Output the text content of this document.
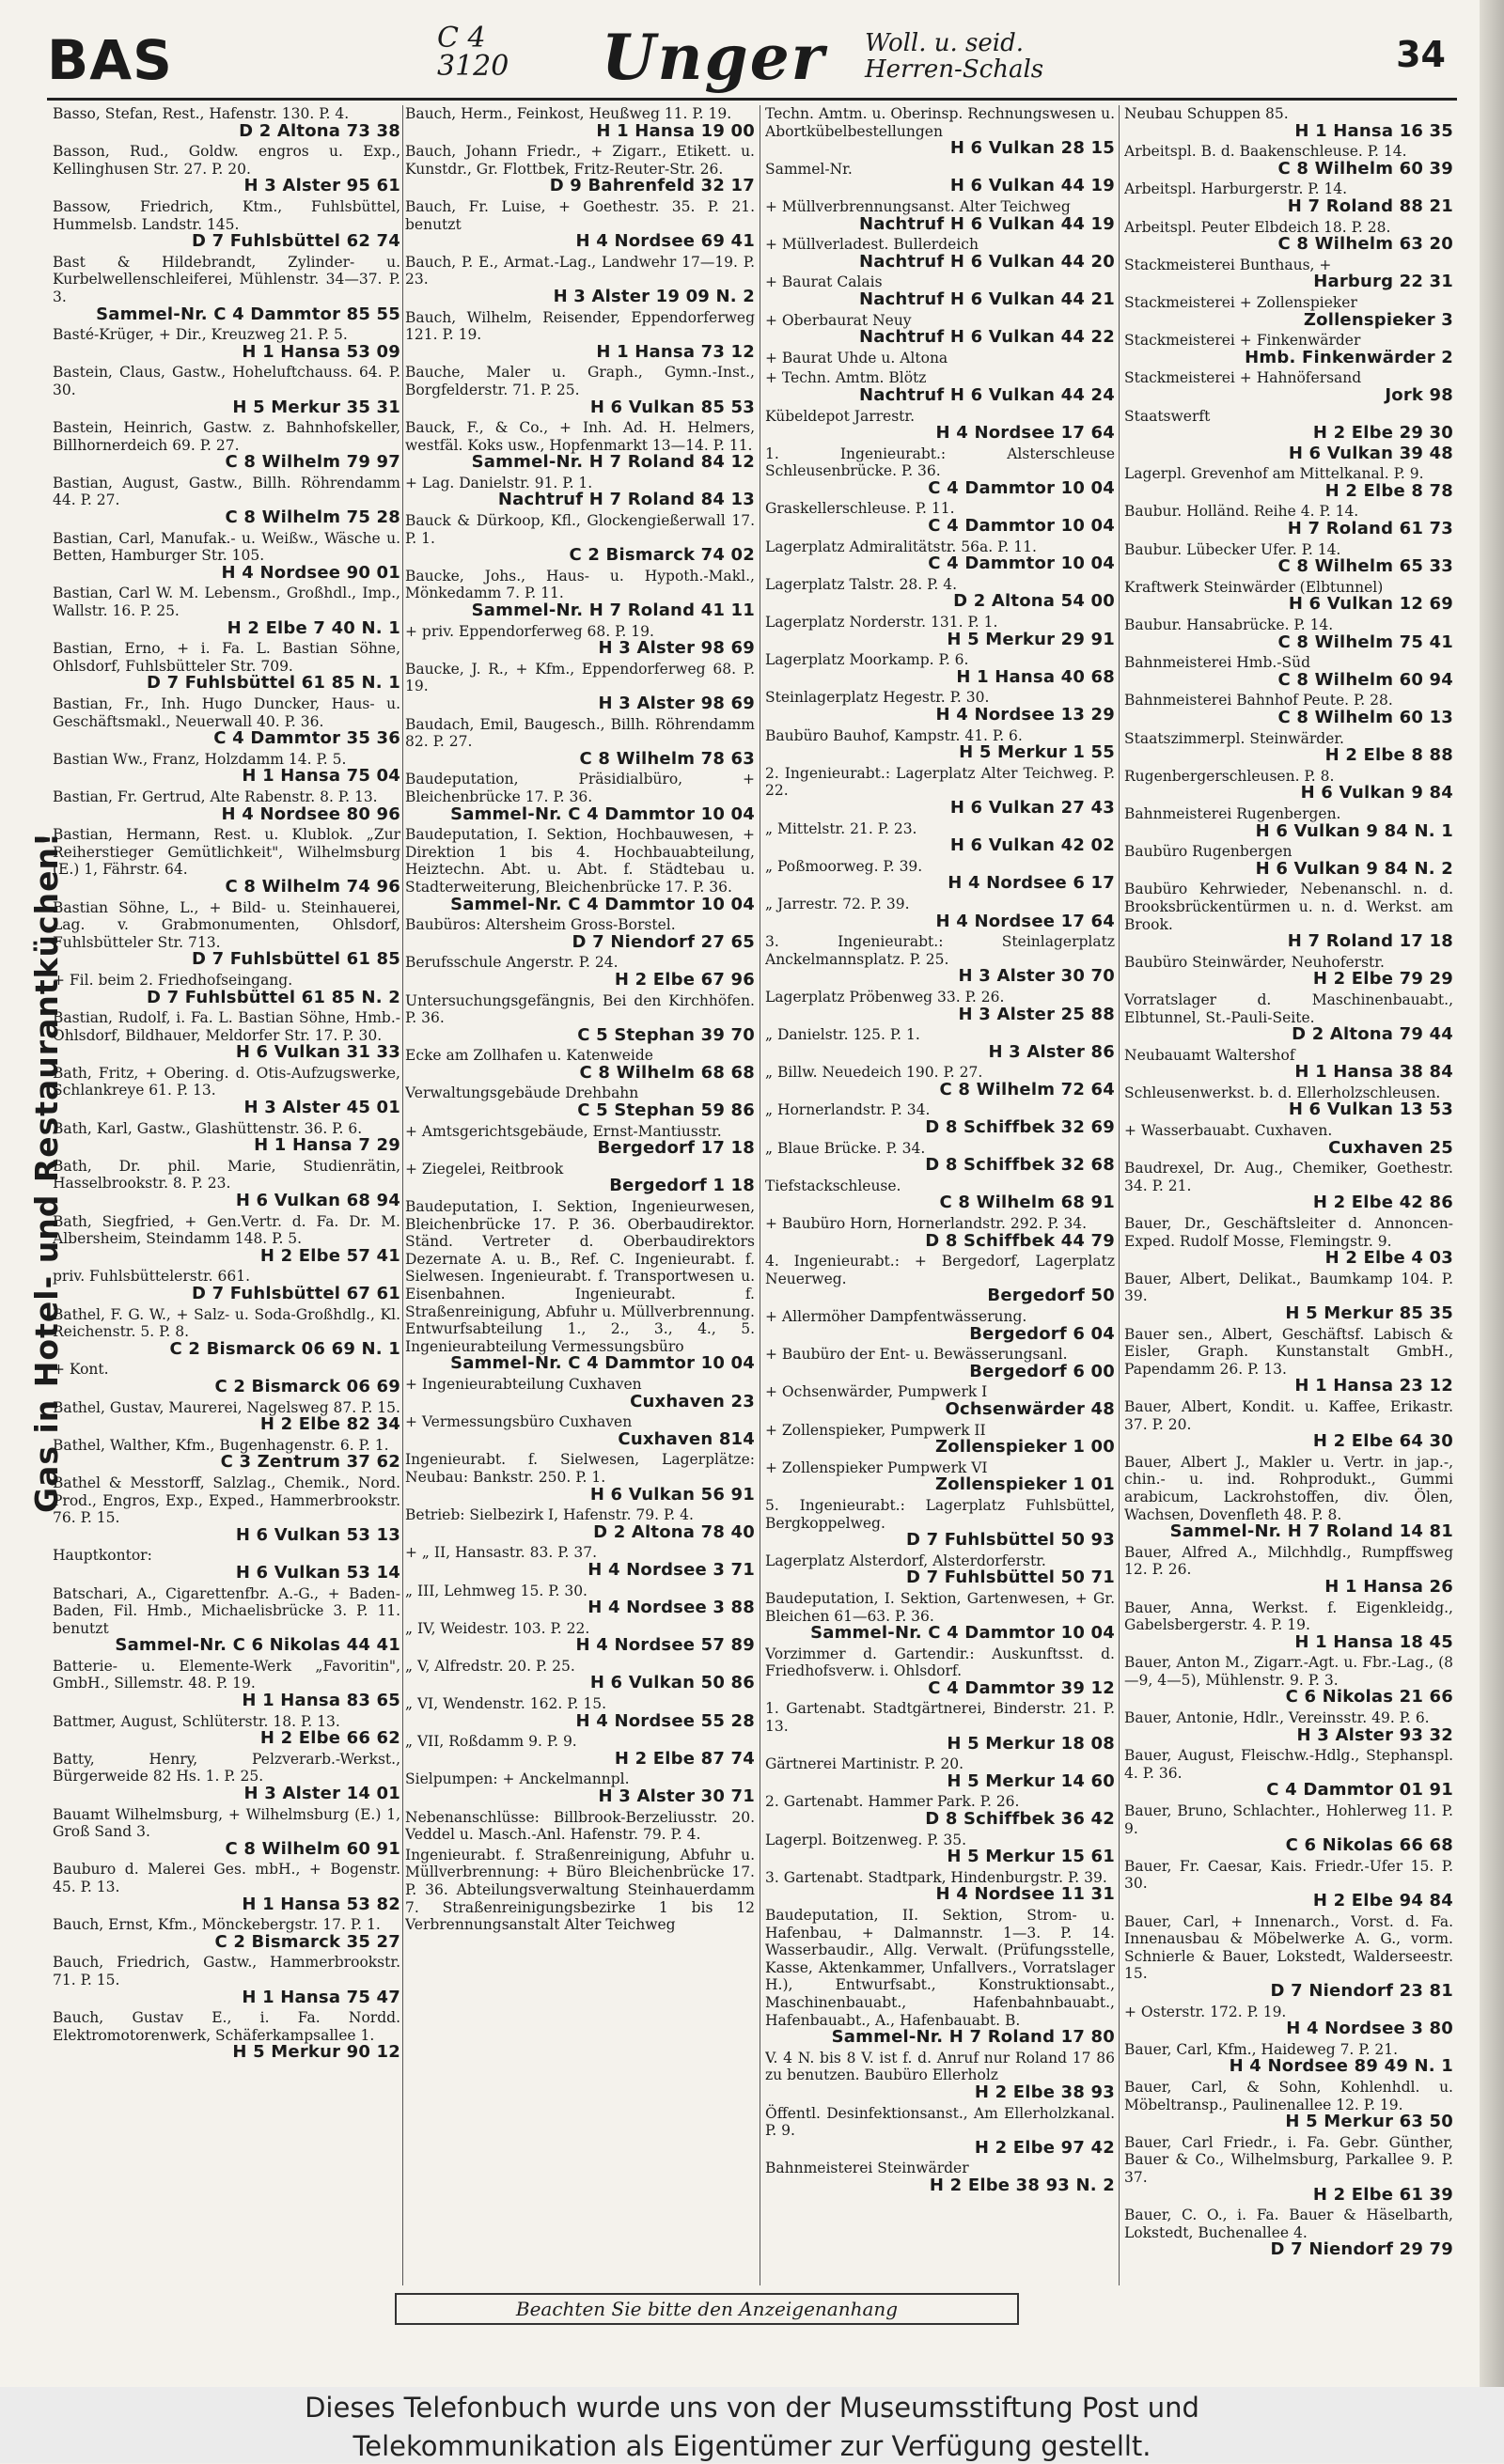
BAS	C 4
3120 Unger Woll. u. seid.
Herren-Schals	34
Gas in Hotel- und Restaurantküchen!
Basso, Stefan, Rest., Hafenstr. 130. P. 4.
D 2 Altona 73 38
Basson, Rud., Goldw. engros u. Exp., Kellinghusen Str. 27. P. 20.
H 3 Alster 95 61
Bassow, Friedrich, Ktm., Fuhlsbüttel, Hummelsb. Landstr. 145.
D 7 Fuhlsbüttel 62 74
Bast & Hildebrandt, Zylinder- u. Kurbelwellenschleiferei, Mühlenstr. 34—37. P. 3.
Sammel-Nr. C 4 Dammtor 85 55
Basté-Krüger, + Dir., Kreuzweg 21. P. 5.
H 1 Hansa 53 09
Bastein, Claus, Gastw., Hoheluftchauss. 64. P. 30.
H 5 Merkur 35 31
Bastein, Heinrich, Gastw. z. Bahnhofskeller, Billhornerdeich 69. P. 27.
C 8 Wilhelm 79 97
Bastian, August, Gastw., Billh. Röhrendamm 44. P. 27.
C 8 Wilhelm 75 28
Bastian, Carl, Manufak.- u. Weißw., Wäsche u. Betten, Hamburger Str. 105.
H 4 Nordsee 90 01
Bastian, Carl W. M. Lebensm., Großhdl., Imp., Wallstr. 16. P. 25.
H 2 Elbe 7 40 N. 1
Bastian, Erno, + i. Fa. L. Bastian Söhne, Ohlsdorf, Fuhlsbütteler Str. 709.
D 7 Fuhlsbüttel 61 85 N. 1
Bastian, Fr., Inh. Hugo Duncker, Haus- u. Geschäftsmakl., Neuerwall 40. P. 36.
C 4 Dammtor 35 36
Bastian Ww., Franz, Holzdamm 14. P. 5.
H 1 Hansa 75 04
Bastian, Fr. Gertrud, Alte Rabenstr. 8. P. 13.
H 4 Nordsee 80 96
Bastian, Hermann, Rest. u. Klublok. „Zur Reiherstieger Gemütlichkeit", Wilhelmsburg (E.) 1, Fährstr. 64.
C 8 Wilhelm 74 96
Bastian Söhne, L., + Bild- u. Steinhauerei, Lag. v. Grabmonumenten, Ohlsdorf, Fuhlsbütteler Str. 713.
D 7 Fuhlsbüttel 61 85
+ Fil. beim 2. Friedhofseingang.
D 7 Fuhlsbüttel 61 85 N. 2
Bastian, Rudolf, i. Fa. L. Bastian Söhne, Hmb.-Ohlsdorf, Bildhauer, Meldorfer Str. 17. P. 30.
H 6 Vulkan 31 33
Bath, Fritz, + Obering. d. Otis-Aufzugswerke, Schlankreye 61. P. 13.
H 3 Alster 45 01
Bath, Karl, Gastw., Glashüttenstr. 36. P. 6.
H 1 Hansa 7 29
Bath, Dr. phil. Marie, Studienrätin, Hasselbrookstr. 8. P. 23.
H 6 Vulkan 68 94
Bath, Siegfried, + Gen.Vertr. d. Fa. Dr. M. Albersheim, Steindamm 148. P. 5.
H 2 Elbe 57 41
priv. Fuhlsbüttelerstr. 661.
D 7 Fuhlsbüttel 67 61
Bathel, F. G. W., + Salz- u. Soda-Großhdlg., Kl. Reichenstr. 5. P. 8.
C 2 Bismarck 06 69 N. 1
+ Kont.
C 2 Bismarck 06 69
Bathel, Gustav, Maurerei, Nagelsweg 87. P. 15.
H 2 Elbe 82 34
Bathel, Walther, Kfm., Bugenhagenstr. 6. P. 1.
C 3 Zentrum 37 62
Bathel & Messtorff, Salzlag., Chemik., Nord. Prod., Engros, Exp., Exped., Hammerbrookstr. 76. P. 15.
H 6 Vulkan 53 13
Hauptkontor:
H 6 Vulkan 53 14
Batschari, A., Cigarettenfbr. A.-G., + Baden-Baden, Fil. Hmb., Michaelisbrücke 3. P. 11. benutzt
Sammel-Nr. C 6 Nikolas 44 41
Batterie- u. Elemente-Werk „Favoritin", GmbH., Sillemstr. 48. P. 19.
H 1 Hansa 83 65
Battmer, August, Schlüterstr. 18. P. 13.
H 2 Elbe 66 62
Batty, Henry, Pelzverarb.-Werkst., Bürgerweide 82 Hs. 1. P. 25.
H 3 Alster 14 01
Bauamt Wilhelmsburg, + Wilhelmsburg (E.) 1, Groß Sand 3.
C 8 Wilhelm 60 91
Bauburo d. Malerei Ges. mbH., + Bogenstr. 45. P. 13.
H 1 Hansa 53 82
Bauch, Ernst, Kfm., Mönckebergstr. 17. P. 1.
C 2 Bismarck 35 27
Bauch, Friedrich, Gastw., Hammerbrookstr. 71. P. 15.
H 1 Hansa 75 47
Bauch, Gustav E., i. Fa. Nordd. Elektromotorenwerk, Schäferkampsallee 1.
H 5 Merkur 90 12
Bauch, Herm., Feinkost, Heußweg 11. P. 19.
H 1 Hansa 19 00
Bauch, Johann Friedr., + Zigarr., Etikett. u. Kunstdr., Gr. Flottbek, Fritz-Reuter-Str. 26.
D 9 Bahrenfeld 32 17
Bauch, Fr. Luise, + Goethestr. 35. P. 21. benutzt
H 4 Nordsee 69 41
Bauch, P. E., Armat.-Lag., Landwehr 17—19. P. 23.
H 3 Alster 19 09 N. 2
Bauch, Wilhelm, Reisender, Eppendorferweg 121. P. 19.
H 1 Hansa 73 12
Bauche, Maler u. Graph., Gymn.-Inst., Borgfelderstr. 71. P. 25.
H 6 Vulkan 85 53
Bauck, F., & Co., + Inh. Ad. H. Helmers, westfäl. Koks usw., Hopfenmarkt 13—14. P. 11.
Sammel-Nr. H 7 Roland 84 12
+ Lag. Danielstr. 91. P. 1.
Nachtruf H 7 Roland 84 13
Bauck & Dürkoop, Kfl., Glockengießerwall 17. P. 1.
C 2 Bismarck 74 02
Baucke, Johs., Haus- u. Hypoth.-Makl., Mönkedamm 7. P. 11.
Sammel-Nr. H 7 Roland 41 11
+ priv. Eppendorferweg 68. P. 19.
H 3 Alster 98 69
Baucke, J. R., + Kfm., Eppendorferweg 68. P. 19.
H 3 Alster 98 69
Baudach, Emil, Baugesch., Billh. Röhrendamm 82. P. 27.
C 8 Wilhelm 78 63
Baudeputation, Präsidialbüro, + Bleichenbrücke 17. P. 36.
Sammel-Nr. C 4 Dammtor 10 04
Baudeputation, I. Sektion, Hochbauwesen, + Direktion 1 bis 4. Hochbauabteilung, Heiztechn. Abt. u. Abt. f. Städtebau u. Stadterweiterung, Bleichenbrücke 17. P. 36.
Sammel-Nr. C 4 Dammtor 10 04
Baubüros: Altersheim Gross-Borstel.
D 7 Niendorf 27 65
Berufsschule Angerstr. P. 24.
H 2 Elbe 67 96
Untersuchungsgefängnis, Bei den Kirchhöfen. P. 36.
C 5 Stephan 39 70
Ecke am Zollhafen u. Katenweide
C 8 Wilhelm 68 68
Verwaltungsgebäude Drehbahn
C 5 Stephan 59 86
+ Amtsgerichtsgebäude, Ernst-Mantiusstr.
Bergedorf 17 18
+ Ziegelei, Reitbrook
Bergedorf 1 18
Baudeputation, I. Sektion, Ingenieurwesen, Bleichenbrücke 17. P. 36. Oberbaudirektor. Ständ. Vertreter d. Oberbaudirektors Dezernate A. u. B., Ref. C. Ingenieurabt. f. Sielwesen. Ingenieurabt. f. Transportwesen u. Eisenbahnen. Ingenieurabt. f. Straßenreinigung, Abfuhr u. Müllverbrennung. Entwurfsabteilung 1., 2., 3., 4., 5. Ingenieurabteilung Vermessungsbüro
Sammel-Nr. C 4 Dammtor 10 04
+ Ingenieurabteilung Cuxhaven
Cuxhaven 23
+ Vermessungsbüro Cuxhaven
Cuxhaven 814
Ingenieurabt. f. Sielwesen, Lagerplätze: Neubau: Bankstr. 250. P. 1.
H 6 Vulkan 56 91
Betrieb: Sielbezirk I, Hafenstr. 79. P. 4.
D 2 Altona 78 40
+ „ II, Hansastr. 83. P. 37.
H 4 Nordsee 3 71
„ III, Lehmweg 15. P. 30.
H 4 Nordsee 3 88
„ IV, Weidestr. 103. P. 22.
H 4 Nordsee 57 89
„ V, Alfredstr. 20. P. 25.
H 6 Vulkan 50 86
„ VI, Wendenstr. 162. P. 15.
H 4 Nordsee 55 28
„ VII, Roßdamm 9. P. 9.
H 2 Elbe 87 74
Sielpumpen: + Anckelmannpl.
H 3 Alster 30 71
Nebenanschlüsse: Billbrook-Berzeliusstr. 20. Veddel u. Masch.-Anl. Hafenstr. 79. P. 4.
Ingenieurabt. f. Straßenreinigung, Abfuhr u. Müllverbrennung: + Büro Bleichenbrücke 17. P. 36. Abteilungsverwaltung Steinhauerdamm 7. Straßenreinigungsbezirke 1 bis 12 Verbrennungsanstalt Alter Teichweg
Techn. Amtm. u. Oberinsp. Rechnungswesen u. Abortkübelbestellungen
H 6 Vulkan 28 15
Sammel-Nr.
H 6 Vulkan 44 19
+ Müllverbrennungsanst. Alter Teichweg
Nachtruf H 6 Vulkan 44 19
+ Müllverladest. Bullerdeich
Nachtruf H 6 Vulkan 44 20
+ Baurat Calais
Nachtruf H 6 Vulkan 44 21
+ Oberbaurat Neuy
Nachtruf H 6 Vulkan 44 22
+ Baurat Uhde u. Altona
+ Techn. Amtm. Blötz
Nachtruf H 6 Vulkan 44 24
Kübeldepot Jarrestr.
H 4 Nordsee 17 64
1. Ingenieurabt.: Alsterschleuse Schleusenbrücke. P. 36.
C 4 Dammtor 10 04
Graskellerschleuse. P. 11.
C 4 Dammtor 10 04
Lagerplatz Admiralitätstr. 56a. P. 11.
C 4 Dammtor 10 04
Lagerplatz Talstr. 28. P. 4.
D 2 Altona 54 00
Lagerplatz Norderstr. 131. P. 1.
H 5 Merkur 29 91
Lagerplatz Moorkamp. P. 6.
H 1 Hansa 40 68
Steinlagerplatz Hegestr. P. 30.
H 4 Nordsee 13 29
Baubüro Bauhof, Kampstr. 41. P. 6.
H 5 Merkur 1 55
2. Ingenieurabt.: Lagerplatz Alter Teichweg. P. 22.
H 6 Vulkan 27 43
„ Mittelstr. 21. P. 23.
H 6 Vulkan 42 02
„ Poßmoorweg. P. 39.
H 4 Nordsee 6 17
„ Jarrestr. 72. P. 39.
H 4 Nordsee 17 64
3. Ingenieurabt.: Steinlagerplatz Anckelmannsplatz. P. 25.
H 3 Alster 30 70
Lagerplatz Pröbenweg 33. P. 26.
H 3 Alster 25 88
„ Danielstr. 125. P. 1.
H 3 Alster 86
„ Billw. Neuedeich 190. P. 27.
C 8 Wilhelm 72 64
„ Hornerlandstr. P. 34.
D 8 Schiffbek 32 69
„ Blaue Brücke. P. 34.
D 8 Schiffbek 32 68
Tiefstackschleuse.
C 8 Wilhelm 68 91
+ Baubüro Horn, Hornerlandstr. 292. P. 34.
D 8 Schiffbek 44 79
4. Ingenieurabt.: + Bergedorf, Lagerplatz Neuerweg.
Bergedorf 50
+ Allermöher Dampfentwässerung.
Bergedorf 6 04
+ Baubüro der Ent- u. Bewässerungsanl.
Bergedorf 6 00
+ Ochsenwärder, Pumpwerk I
Ochsenwärder 48
+ Zollenspieker, Pumpwerk II
Zollenspieker 1 00
+ Zollenspieker Pumpwerk VI
Zollenspieker 1 01
5. Ingenieurabt.: Lagerplatz Fuhlsbüttel, Bergkoppelweg.
D 7 Fuhlsbüttel 50 93
Lagerplatz Alsterdorf, Alsterdorferstr.
D 7 Fuhlsbüttel 50 71
Baudeputation, I. Sektion, Gartenwesen, + Gr. Bleichen 61—63. P. 36.
Sammel-Nr. C 4 Dammtor 10 04
Vorzimmer d. Gartendir.: Auskunftsst. d. Friedhofsverw. i. Ohlsdorf.
C 4 Dammtor 39 12
1. Gartenabt. Stadtgärtnerei, Binderstr. 21. P. 13.
H 5 Merkur 18 08
Gärtnerei Martinistr. P. 20.
H 5 Merkur 14 60
2. Gartenabt. Hammer Park. P. 26.
D 8 Schiffbek 36 42
Lagerpl. Boitzenweg. P. 35.
H 5 Merkur 15 61
3. Gartenabt. Stadtpark, Hindenburgstr. P. 39.
H 4 Nordsee 11 31
Baudeputation, II. Sektion, Strom- u. Hafenbau, + Dalmannstr. 1—3. P. 14. Wasserbaudir., Allg. Verwalt. (Prüfungsstelle, Kasse, Aktenkammer, Unfallvers., Vorratslager H.), Entwurfsabt., Konstruktionsabt., Maschinenbauabt., Hafenbahnbauabt., Hafenbauabt., A., Hafenbauabt. B.
Sammel-Nr. H 7 Roland 17 80
V. 4 N. bis 8 V. ist f. d. Anruf nur Roland 17 86 zu benutzen. Baubüro Ellerholz
H 2 Elbe 38 93
Öffentl. Desinfektionsanst., Am Ellerholzkanal. P. 9.
H 2 Elbe 97 42
Bahnmeisterei Steinwärder
H 2 Elbe 38 93 N. 2
Neubau Schuppen 85.
H 1 Hansa 16 35
Arbeitspl. B. d. Baakenschleuse. P. 14.
C 8 Wilhelm 60 39
Arbeitspl. Harburgerstr. P. 14.
H 7 Roland 88 21
Arbeitspl. Peuter Elbdeich 18. P. 28.
C 8 Wilhelm 63 20
Stackmeisterei Bunthaus, +
Harburg 22 31
Stackmeisterei + Zollenspieker
Zollenspieker 3
Stackmeisterei + Finkenwärder
Hmb. Finkenwärder 2
Stackmeisterei + Hahnöfersand
Jork 98
Staatswerft
H 2 Elbe 29 30
H 6 Vulkan 39 48
Lagerpl. Grevenhof am Mittelkanal. P. 9.
H 2 Elbe 8 78
Baubur. Holländ. Reihe 4. P. 14.
H 7 Roland 61 73
Baubur. Lübecker Ufer. P. 14.
C 8 Wilhelm 65 33
Kraftwerk Steinwärder (Elbtunnel)
H 6 Vulkan 12 69
Baubur. Hansabrücke. P. 14.
C 8 Wilhelm 75 41
Bahnmeisterei Hmb.-Süd
C 8 Wilhelm 60 94
Bahnmeisterei Bahnhof Peute. P. 28.
C 8 Wilhelm 60 13
Staatszimmerpl. Steinwärder.
H 2 Elbe 8 88
Rugenbergerschleusen. P. 8.
H 6 Vulkan 9 84
Bahnmeisterei Rugenbergen.
H 6 Vulkan 9 84 N. 1
Baubüro Rugenbergen
H 6 Vulkan 9 84 N. 2
Baubüro Kehrwieder, Nebenanschl. n. d. Brooksbrückentürmen u. n. d. Werkst. am Brook.
H 7 Roland 17 18
Baubüro Steinwärder, Neuhoferstr.
H 2 Elbe 79 29
Vorratslager d. Maschinenbauabt., Elbtunnel, St.-Pauli-Seite.
D 2 Altona 79 44
Neubauamt Waltershof
H 1 Hansa 38 84
Schleusenwerkst. b. d. Ellerholzschleusen.
H 6 Vulkan 13 53
+ Wasserbauabt. Cuxhaven.
Cuxhaven 25
Baudrexel, Dr. Aug., Chemiker, Goethestr. 34. P. 21.
H 2 Elbe 42 86
Bauer, Dr., Geschäftsleiter d. Annoncen-Exped. Rudolf Mosse, Flemingstr. 9.
H 2 Elbe 4 03
Bauer, Albert, Delikat., Baumkamp 104. P. 39.
H 5 Merkur 85 35
Bauer sen., Albert, Geschäftsf. Labisch & Eisler, Graph. Kunstanstalt GmbH., Papendamm 26. P. 13.
H 1 Hansa 23 12
Bauer, Albert, Kondit. u. Kaffee, Erikastr. 37. P. 20.
H 2 Elbe 64 30
Bauer, Albert J., Makler u. Vertr. in jap.-, chin.- u. ind. Rohprodukt., Gummi arabicum, Lackrohstoffen, div. Ölen, Wachsen, Dovenfleth 48. P. 8.
Sammel-Nr. H 7 Roland 14 81
Bauer, Alfred A., Milchhdlg., Rumpffsweg 12. P. 26.
H 1 Hansa 26
Bauer, Anna, Werkst. f. Eigenkleidg., Gabelsbergerstr. 4. P. 19.
H 1 Hansa 18 45
Bauer, Anton M., Zigarr.-Agt. u. Fbr.-Lag., (8—9, 4—5), Mühlenstr. 9. P. 3.
C 6 Nikolas 21 66
Bauer, Antonie, Hdlr., Vereinsstr. 49. P. 6.
H 3 Alster 93 32
Bauer, August, Fleischw.-Hdlg., Stephanspl. 4. P. 36.
C 4 Dammtor 01 91
Bauer, Bruno, Schlachter., Hohlerweg 11. P. 9.
C 6 Nikolas 66 68
Bauer, Fr. Caesar, Kais. Friedr.-Ufer 15. P. 30.
H 2 Elbe 94 84
Bauer, Carl, + Innenarch., Vorst. d. Fa. Innenausbau & Möbelwerke A. G., vorm. Schnierle & Bauer, Lokstedt, Walderseestr. 15.
D 7 Niendorf 23 81
+ Osterstr. 172. P. 19.
H 4 Nordsee 3 80
Bauer, Carl, Kfm., Haideweg 7. P. 21.
H 4 Nordsee 89 49 N. 1
Bauer, Carl, & Sohn, Kohlenhdl. u. Möbeltransp., Paulinenallee 12. P. 19.
H 5 Merkur 63 50
Bauer, Carl Friedr., i. Fa. Gebr. Günther, Bauer & Co., Wilhelmsburg, Parkallee 9. P. 37.
H 2 Elbe 61 39
Bauer, C. O., i. Fa. Bauer & Häselbarth, Lokstedt, Buchenallee 4.
D 7 Niendorf 29 79
Beachten Sie bitte den Anzeigenanhang
Dieses Telefonbuch wurde uns von der Museumsstiftung Post und
Telekommunikation als Eigentümer zur Verfügung gestellt.
